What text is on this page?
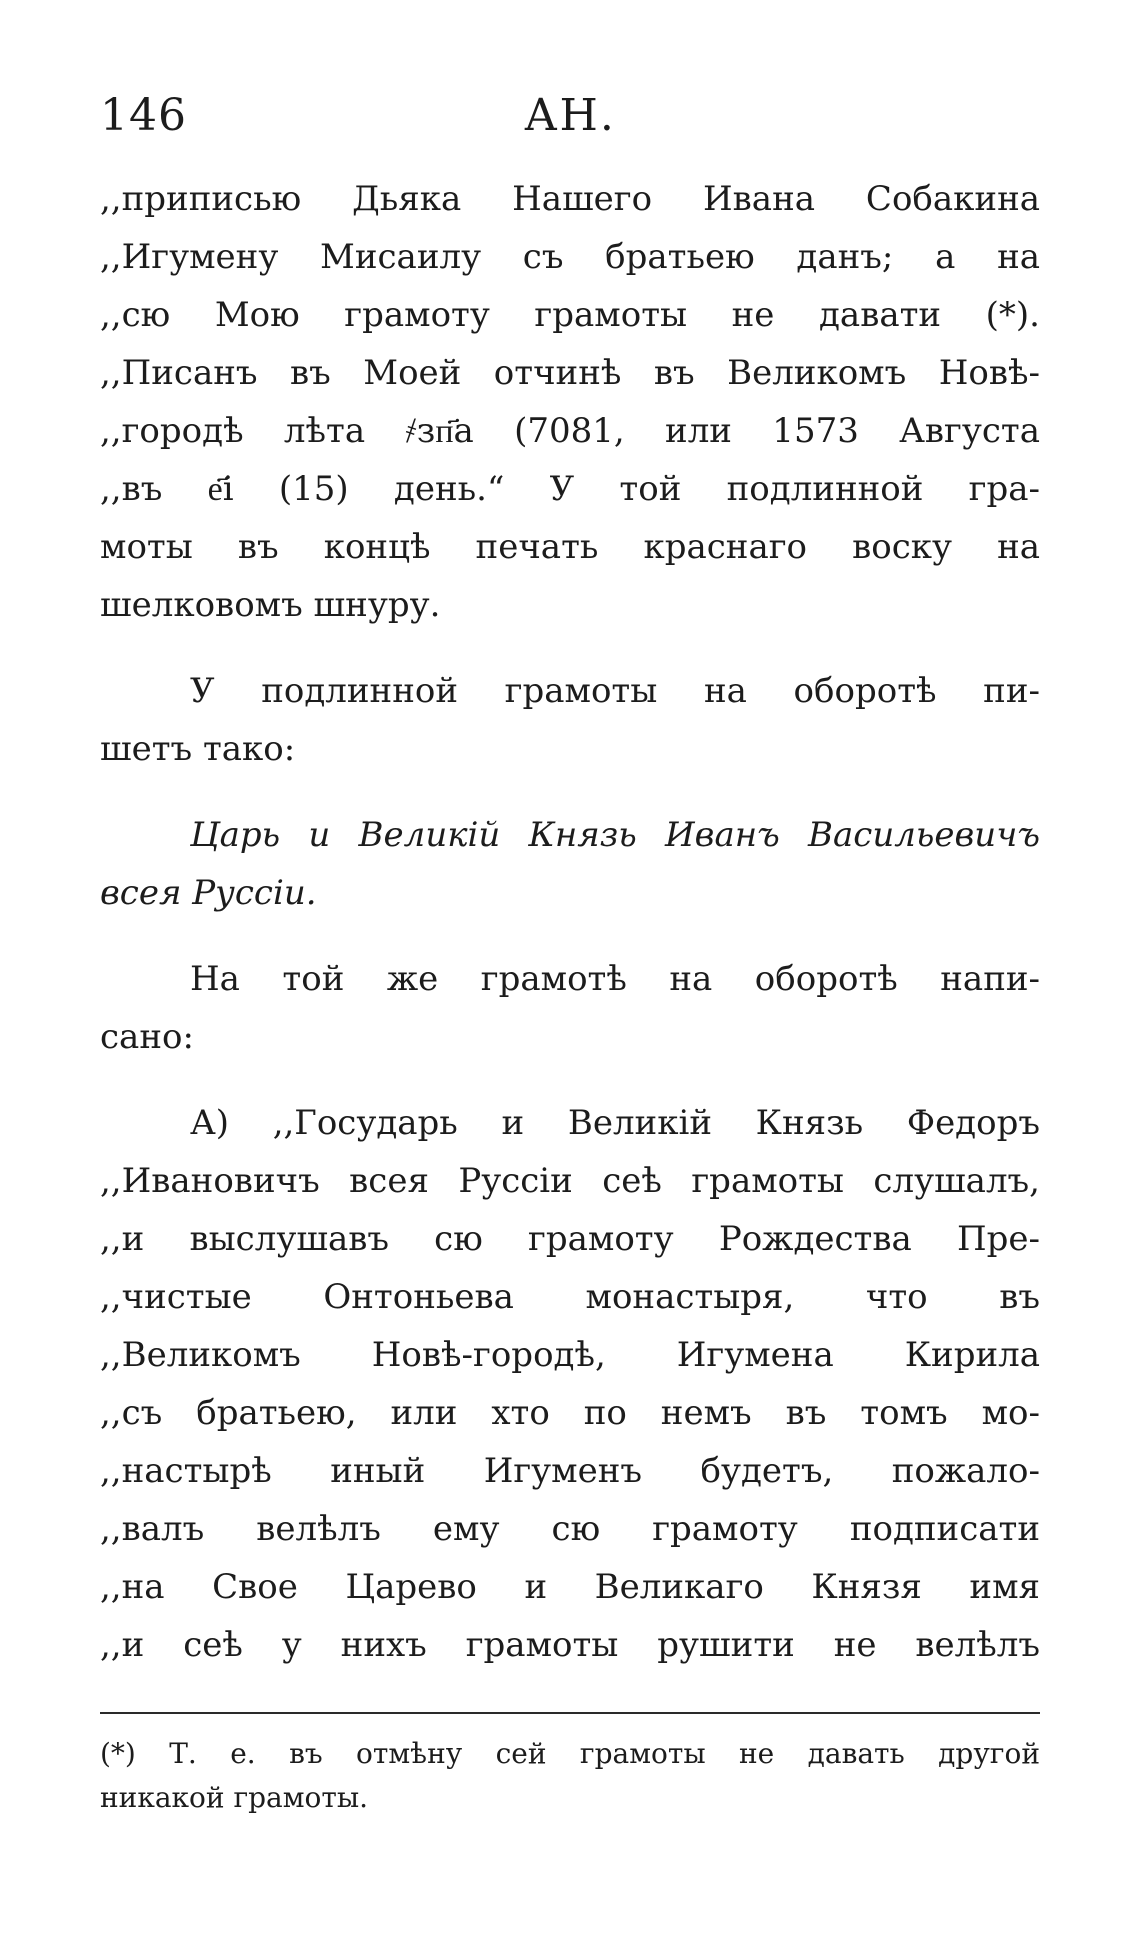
146	АН.
,,приписью Дьяка Нашего Ивана Собакина
,,Игумену Мисаилу съ братьею данъ; а на
,,сю Мою грамоту грамоты не давати (*).
,,Писанъ въ Моей отчинѣ въ Великомъ Новѣ-
,,городѣ лѣта ҂зп҃а (7081, или 1573 Августа
,,въ е҃і (15) день.“ У той подлинной гра-
моты въ концѣ печать краснаго воску на
шелковомъ шнуру.
У подлинной грамоты на оборотѣ пи-
шетъ тако:
Царь и Великій Князь Иванъ Васильевичъ
всея Руссіи.
На той же грамотѣ на оборотѣ напи-
сано:
А) ,,Государь и Великій Князь Федоръ
,,Ивановичъ всея Руссіи сеѣ грамоты слушалъ,
,,и выслушавъ сю грамоту Рождества Пре-
,,чистые Онтоньева монастыря, что въ
,,Великомъ Новѣ-городѣ, Игумена Кирила
,,съ братьею, или хто по немъ въ томъ мо-
,,настырѣ иный Игуменъ будетъ, пожало-
,,валъ велѣлъ ему сю грамоту подписати
,,на Свое Царево и Великаго Князя имя
,,и сеѣ у нихъ грамоты рушити не велѣлъ
(*) Т. е. въ отмѣну сей грамоты не давать другой
никакой грамоты.
